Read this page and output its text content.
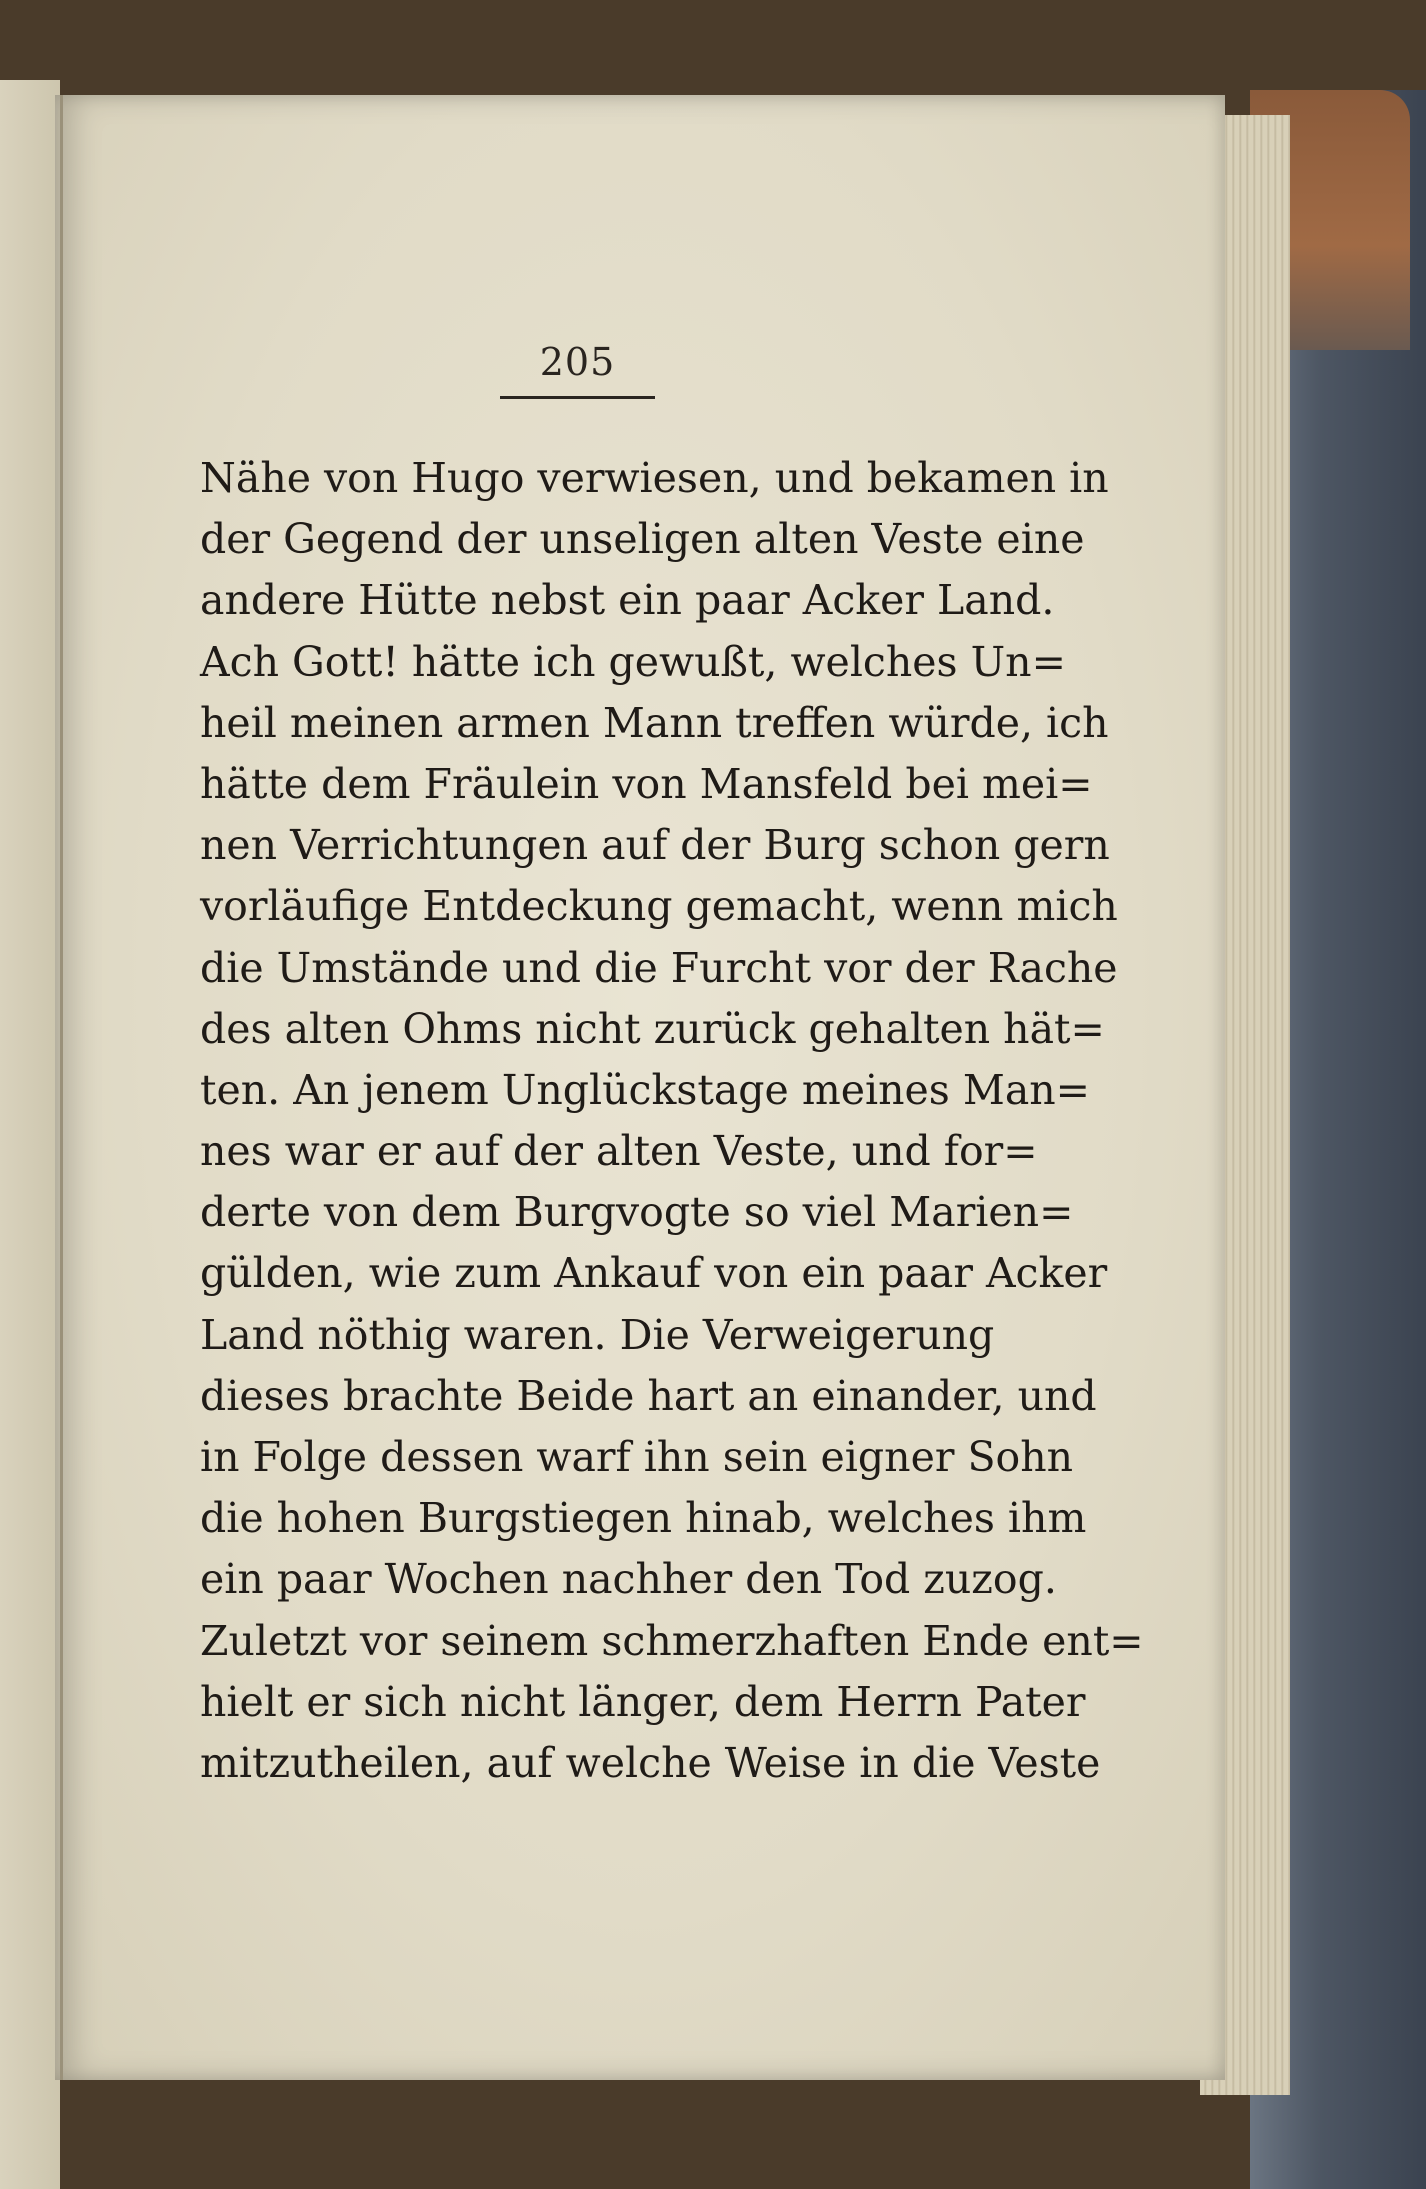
205
Nähe von Hugo verwiesen, und bekamen in
der Gegend der unseligen alten Veste eine
andere Hütte nebst ein paar Acker Land.
Ach Gott! hätte ich gewußt, welches Un=
heil meinen armen Mann treffen würde, ich
hätte dem Fräulein von Mansfeld bei mei=
nen Verrichtungen auf der Burg schon gern
vorläufige Entdeckung gemacht, wenn mich
die Umstände und die Furcht vor der Rache
des alten Ohms nicht zurück gehalten hät=
ten. An jenem Unglückstage meines Man=
nes war er auf der alten Veste, und for=
derte von dem Burgvogte so viel Marien=
gülden, wie zum Ankauf von ein paar Acker
Land nöthig waren. Die Verweigerung
dieses brachte Beide hart an einander, und
in Folge dessen warf ihn sein eigner Sohn
die hohen Burgstiegen hinab, welches ihm
ein paar Wochen nachher den Tod zuzog.
Zuletzt vor seinem schmerzhaften Ende ent=
hielt er sich nicht länger, dem Herrn Pater
mitzutheilen, auf welche Weise in die Veste
